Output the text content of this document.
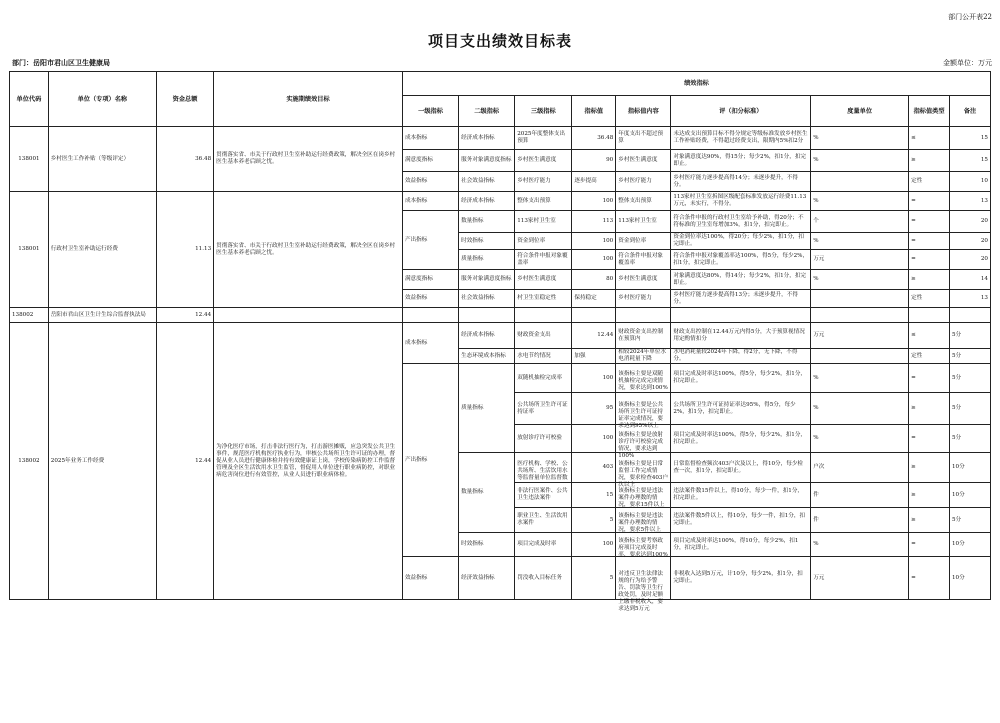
部门公开表22
项目支出绩效目标表
部门：岳阳市君山区卫生健康局	金额单位：万元
单位代码	单位（专项）名称	资金总额	实施期绩效目标	绩效指标								
				一级指标	二级指标	三级指标	指标值	指标值内容	评（扣分标准）	度量单位	指标值类型	备注

138001	乡村医生工作补贴（等级评定）	36.48	贯彻落实省、市关于行政村卫生室补助运行经费政策，解决全区在岗乡村医生基本养老后顾之忧。	成本指标	经济成本指标	2025年度整体支出预算	36.48	年度支出不超过预算	未达成支出预算目标不得分规定等级标准发放乡村医生工作补贴经费，不得超过经费支出，限期内5%扣2分	%	≤	15

				满意度指标	服务对象满意度指标	乡村医生满意度	90	乡村医生满意度	对象满意度达90%，得15分；每少2%，扣1分，扣完即止。	%	≥	15

				效益指标	社会效益指标	乡村医疗能力	逐步提高	乡村医疗能力	乡村医疗能力逐步提高得14分；未逐步提升，不得分。		定性	10

138001	行政村卫生室补助运行经费	11.13	贯彻落实省、市关于行政村卫生室补助运行经费政策，解决全区在岗乡村医生基本养老后顾之忧。	成本指标	经济成本指标	整体支出预算	100	整体支出预算	113家村卫生室拆图区级配套标准发放运行经费11.13万元，未实行，不得分。	%	=	13

				产出指标	数量指标	113家村卫生室	113	113家村卫生室	符合条件申报的行政村卫生室给予补助，得20分；不符标准的卫生室每增加3%，扣1分，扣完即止。	个	=	20

					时效指标	资金到位率	100	资金到位率	资金到位率达100%，得20分；每少2%，扣1分，扣完即止。	%	=	20

					质量指标	符合条件申报对象覆盖率	100	符合条件申报对象覆盖率	符合条件申报对象覆盖率达100%，得5分，每少2%，扣1分，扣完即止。	万元	=	20

				满意度指标	服务对象满意度指标	乡村医生满意度	80	乡村医生满意度	对象满意度达80%，得14分；每少2%，扣1分，扣完即止。	%	≥	14

				效益指标	社会效益指标	村卫生室稳定性	保持稳定	乡村医疗能力	乡村医疗能力逐步提高得13分；未逐步提升，不得分。		定性	13

138002	岳阳市君山区卫生计生综合监督执法局	12.44										

138002	2025年业务工作经费	12.44	为净化医疗市场，打击非法行医行为，打击游医摊贩，应急突发公共卫生事件，规范医疗机构医疗执业行为，审核公共场所卫生许可证的办理，督促从业人员进行健康体检并持有效健康证上岗，学校传染病防控工作监督管理及全区生活饮用水卫生监管，督促用人单位进行职业病防控，对职业病危害岗位进行有效管控，从业人员进行职业病体检。	成本指标	经济成本指标	财政资金支出	12.44	财政资金支出控制在预算内	财政支出控制在12.44万元内得5分，大于预算视情况用定酌情扣分	万元	≤	5分

					生态环境成本指标	水电节约情况	加强	相较2024年单位水电消耗量下降	水电消耗量较2024年下降，得2分，无下降，不得分。		定性	5分

				产出指标	质量指标	双随机抽检完成率	100	该指标主要是双随机抽检完成完成情况，要求达到100%	项目完成及时率达100%，得5分，每少2%，扣1分，扣完即止。	%	=	5分

						公共场所卫生许可证持证率	95	该指标主要是公共场所卫生许可证持证率完成情况，要求达到95%以上	公共场所卫生许可证持证率达95%，得5分，每少2%，扣1分，扣完即止。	%	≥	5分

						放射诊疗许可校验	100	该指标主要是放射诊疗许可校验完成情况，要求达到100%	项目完成及时率达100%，得5分，每少2%，扣1分，扣完即止。	%	=	5分

					数量指标	医疗机构、学校、公共场所、生活饮用水等监督量单位监督数	403	该指标主要是日常监督工作完成情况，要求检查403户次以上	日常监督检查频次403户次及以上，得10分，每少检查一次，扣1分，扣完即止。	户次	≥	10分

						非法行医案件、公共卫生违法案件	15	该指标主要是违法案件办理数的情况，要求15件以上	违法案件数15件以上，得10分，每少一件，扣1分，扣完即止。	件	≥	10分

						职业卫生、生活饮用水案件	5	该指标主要是违法案件办理数的情况，要求5件以上	违法案件数5件以上，得10分，每少一件，扣1分，扣完即止。	件	≥	5分

					时效指标	项目完成及时率	100	该指标主要考察政府项目完成及时率，要求达到100%	项目完成及时率达100%，得10分，每少2%，扣1分，扣完即止。	%	=	10分

				效益指标	经济效益指标	罚没收入目标任务	5	对违反卫生法律法规的行为给予警告、罚款等卫生行政处罚，及时足额上缴非税收入，要求达到5万元	非税收入达到5万元，计10分，每少2%，扣1分，扣完即止。	万元	=	10分
